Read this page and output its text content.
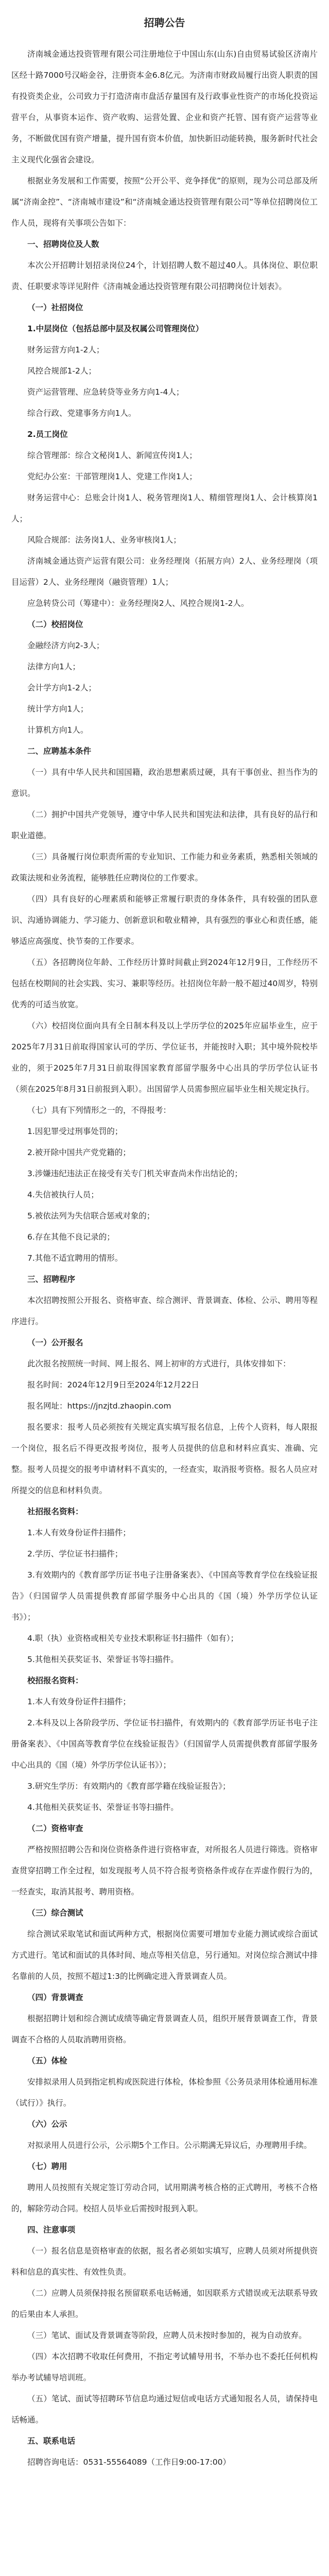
招聘公告

济南城金通达投资管理有限公司注册地位于中国山东(山东)自由贸易试验区济南片区经十路7000号汉峪金谷，注册资本金6.8亿元。为济南市财政局履行出资人职责的国有投资类企业，公司致力于打造济南市盘活存量国有及行政事业性资产的市场化投资运营平台，从事资本运作、资产收购、运营处置、企业和资产托管、国有资产运营等业务，不断做优国有资产增量，提升国有资本价值，加快新旧动能转换，服务新时代社会主义现代化强省会建设。

根据业务发展和工作需要，按照“公开公平、竞争择优”的原则，现为公司总部及所属“济南金控”、“济南城市建设”和“济南城金通达投资管理有限公司”等单位招聘岗位工作人员，现将有关事项公告如下：

一、招聘岗位及人数

本次公开招聘计划招录岗位24个，计划招聘人数不超过40人。具体岗位、职位职责、任职要求等详见附件《济南城金通达投资管理有限公司招聘岗位计划表》。

（一）社招岗位

1.中层岗位（包括总部中层及权属公司管理岗位）

财务运营方向1-2人；

风控合规部1-2人；

资产运营管理、应急转贷等业务方向1-4人；

综合行政、党建事务方向1人。

2.员工岗位

综合管理部：综合文秘岗1人、新闻宣传岗1人；

党纪办公室：干部管理岗1人、党建工作岗1人；

财务运营中心：总账会计岗1人、税务管理岗1人、精细管理岗1人、会计核算岗1人；

风险合规部：法务岗1人、业务审核岗1人；

济南城金通达资产运营有限公司：业务经理岗（拓展方向）2人、业务经理岗（项目运营）2人、业务经理岗（融资管理）1人；

应急转贷公司（筹建中）：业务经理岗2人、风控合规岗1-2人。

（二）校招岗位

金融经济方向2-3人；

法律方向1人；

会计学方向1-2人；

统计学方向1人；

计算机方向1人。

二、应聘基本条件

（一）具有中华人民共和国国籍，政治思想素质过硬，具有干事创业、担当作为的意识。

（二）拥护中国共产党领导，遵守中华人民共和国宪法和法律，具有良好的品行和职业道德。

（三）具备履行岗位职责所需的专业知识、工作能力和业务素质，熟悉相关领域的政策法规和业务流程，能够胜任应聘岗位的工作要求。

（四）具有良好的心理素质和能够正常履行职责的身体条件，具有较强的团队意识、沟通协调能力、学习能力、创新意识和敬业精神，具有强烈的事业心和责任感，能够适应高强度、快节奏的工作要求。

（五）各招聘岗位年龄、工作经历计算时间截止到2024年12月9日，工作经历不包括在校期间的社会实践、实习、兼职等经历。社招岗位年龄一般不超过40周岁，特别优秀的可适当放宽。

（六）校招岗位面向具有全日制本科及以上学历学位的2025年应届毕业生，应于2025年7月31日前取得国家认可的学历、学位证书，并能按时入职；其中境外院校毕业的，须于2025年7月31日前取得国家教育部留学服务中心出具的学历学位认证书（须在2025年8月31日前报到入职）。出国留学人员需参照应届毕业生相关规定执行。

（七）具有下列情形之一的，不得报考：

1.因犯罪受过刑事处罚的；

2.被开除中国共产党党籍的；

3.涉嫌违纪违法正在接受有关专门机关审查尚未作出结论的；

4.失信被执行人员；

5.被依法列为失信联合惩戒对象的；

6.存在其他不良记录的；

7.其他不适宜聘用的情形。

三、招聘程序

本次招聘按照公开报名、资格审查、综合测评、背景调查、体检、公示、聘用等程序进行。

（一）公开报名

此次报名按照统一时间、网上报名、网上初审的方式进行，具体安排如下：

报名时间：2024年12月9日至2024年12月22日

报名网址：https://jnzjtd.zhaopin.com

报名要求：报考人员必须按有关规定真实填写报名信息，上传个人资料，每人限报一个岗位，报名后不得更改报考岗位，报考人员提供的信息和材料应真实、准确、完整。报考人员提交的报考申请材料不真实的，一经查实，取消报考资格。报名人员应对所提交的信息和材料负责。

社招报名资料：

1.本人有效身份证件扫描件；

2.学历、学位证书扫描件；

3.有效期内的《教育部学历证书电子注册备案表》、《中国高等教育学位在线验证报告》（归国留学人员需提供教育部留学服务中心出具的《国（境）外学历学位认证书》）；

4.职（执）业资格或相关专业技术职称证书扫描件（如有）；

5.其他相关获奖证书、荣誉证书等扫描件。

校招报名资料：

1.本人有效身份证件扫描件；

2.本科及以上各阶段学历、学位证书扫描件，有效期内的《教育部学历证书电子注册备案表》、《中国高等教育学位在线验证报告》（归国留学人员需提供教育部留学服务中心出具的《国（境）外学历学位认证书》）；

3.研究生学历：有效期内的《教育部学籍在线验证报告》；

4.其他相关获奖证书、荣誉证书等扫描件。

（二）资格审查

严格按照招聘公告和岗位资格条件进行资格审查，对所报名人员进行筛选。资格审查贯穿招聘工作全过程，如发现报考人员不符合报考资格条件或存在弄虚作假行为的，一经查实，取消其报考、聘用资格。

（三）综合测试

综合测试采取笔试和面试两种方式，根据岗位需要可增加专业能力测试或综合面试方式进行。笔试和面试的具体时间、地点等相关信息，另行通知。对岗位综合测试中排名靠前的人员，按照不超过1:3的比例确定进入背景调查人员。

（四）背景调查

根据招聘计划和综合测试成绩等确定背景调查人员，组织开展背景调查工作，背景调查不合格的人员取消聘用资格。

（五）体检

安排拟录用人员到指定机构或医院进行体检，体检参照《公务员录用体检通用标准（试行）》执行。

（六）公示

对拟录用人员进行公示，公示期5个工作日。公示期满无异议后，办理聘用手续。

（七）聘用

聘用人员按照有关规定签订劳动合同，试用期满考核合格的正式聘用，考核不合格的，解除劳动合同。校招人员毕业后需按时报到入职。

四、注意事项

（一）报名信息是资格审查的依据，报名者必须如实填写，应聘人员须对所提供资料和信息的真实性、有效性负责。

（二）应聘人员须保持报名预留联系电话畅通，如因联系方式错误或无法联系导致的后果由本人承担。

（三）笔试、面试及背景调查等阶段，应聘人员未按时参加的，视为自动放弃。

（四）本次招聘不收取任何费用，不指定考试辅导用书，不举办也不委托任何机构举办考试辅导培训班。

（五）笔试、面试等招聘环节信息均通过短信或电话方式通知报名人员，请保持电话畅通。

五、联系电话

招聘咨询电话：0531-55564089（工作日9:00-17:00）
